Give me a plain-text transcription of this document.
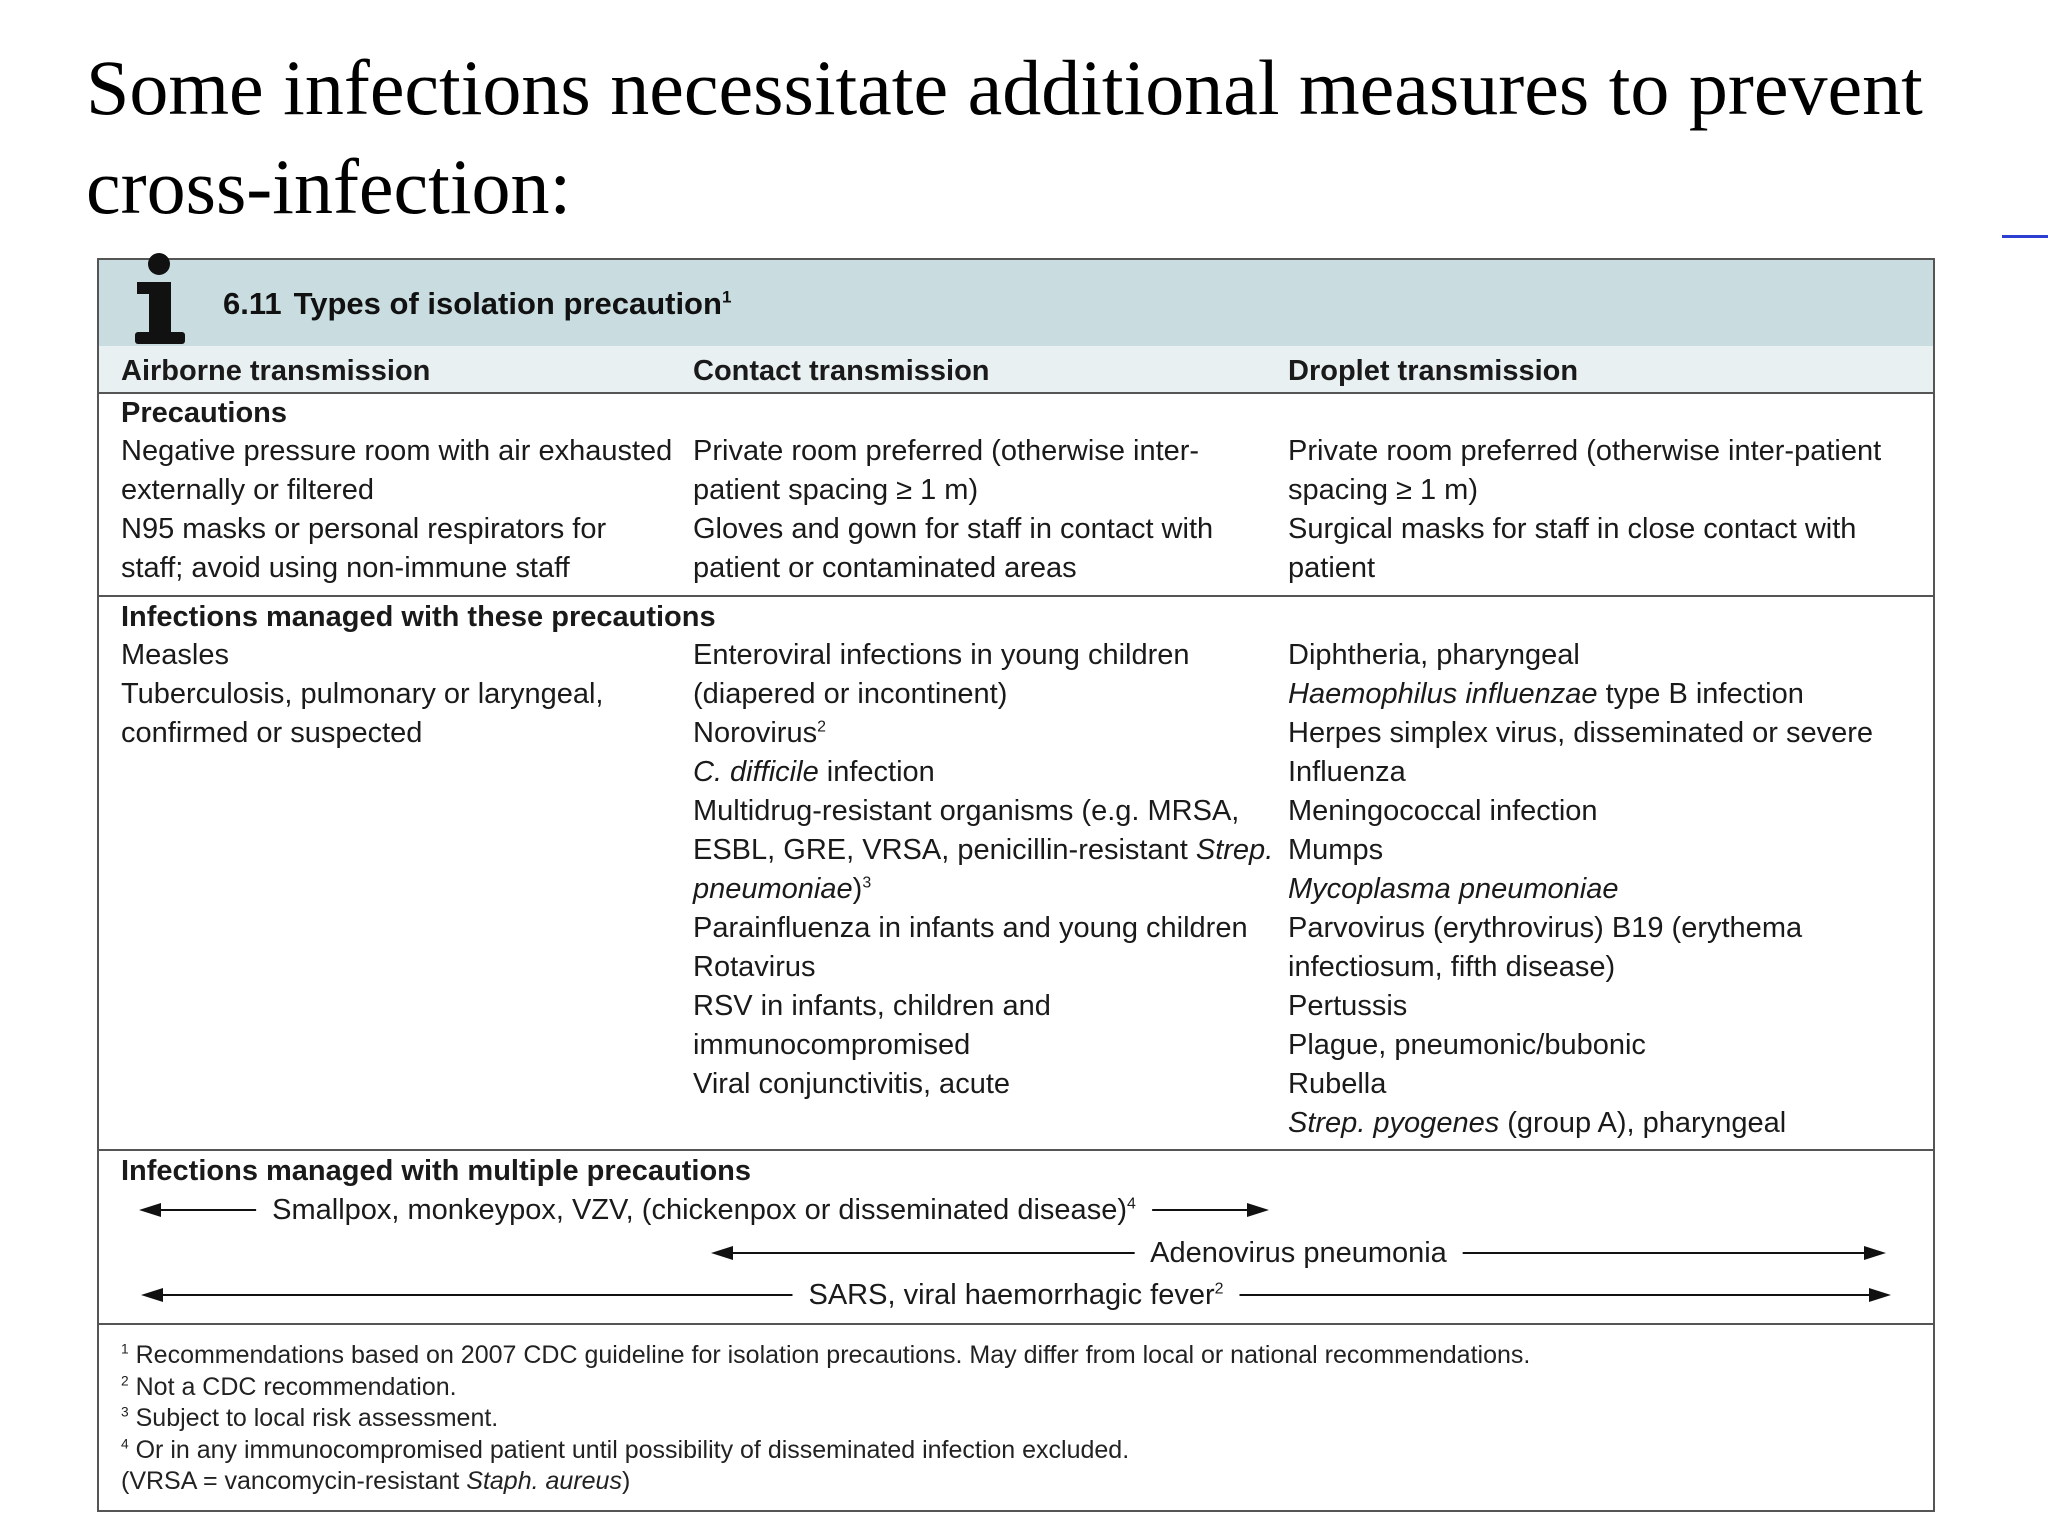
Some infections necessitate additional measures to prevent
cross-infection:
6.11 Types of isolation precaution$^1$
Airborne transmission	Contact transmission	Droplet transmission
Precautions
Negative pressure room with air exhausted
externally or filtered
N95 masks or personal respirators for
staff; avoid using non-immune staff
Private room preferred (otherwise inter-
patient spacing ≥ 1 m)
Gloves and gown for staff in contact with
patient or contaminated areas
Private room preferred (otherwise inter-patient
spacing ≥ 1 m)
Surgical masks for staff in close contact with
patient
Infections managed with these precautions
Measles
Tuberculosis, pulmonary or laryngeal,
confirmed or suspected
Enteroviral infections in young children
(diapered or incontinent)
Norovirus$^2$
C. difficile infection
Multidrug-resistant organisms (e.g. MRSA,
ESBL, GRE, VRSA, penicillin-resistant Strep.
pneumoniae)$^3$
Parainfluenza in infants and young children
Rotavirus
RSV in infants, children and
immunocompromised
Viral conjunctivitis, acute
Diphtheria, pharyngeal
Haemophilus influenzae type B infection
Herpes simplex virus, disseminated or severe
Influenza
Meningococcal infection
Mumps
Mycoplasma pneumoniae
Parvovirus (erythrovirus) B19 (erythema
infectiosum, fifth disease)
Pertussis
Plague, pneumonic/bubonic
Rubella
Strep. pyogenes (group A), pharyngeal
Infections managed with multiple precautions
Smallpox, monkeypox, VZV, (chickenpox or disseminated disease)$^4$
Adenovirus pneumonia
SARS, viral haemorrhagic fever$^2$
$^1$ Recommendations based on 2007 CDC guideline for isolation precautions. May differ from local or national recommendations.
$^2$ Not a CDC recommendation.
$^3$ Subject to local risk assessment.
$^4$ Or in any immunocompromised patient until possibility of disseminated infection excluded.
(VRSA = vancomycin-resistant Staph. aureus)
